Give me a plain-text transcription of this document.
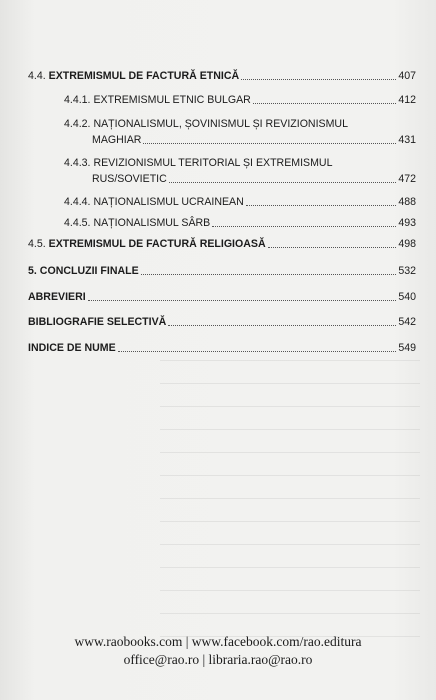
4.4. EXTREMISMUL DE FACTURĂ ETNICĂ	407
4.4.1. EXTREMISMUL ETNIC BULGAR	412
4.4.2. NAȚIONALISMUL, ȘOVINISMUL ȘI REVIZIONISMUL
MAGHIAR	431
4.4.3. REVIZIONISMUL TERITORIAL ȘI EXTREMISMUL
RUS/SOVIETIC	472
4.4.4. NAȚIONALISMUL UCRAINEAN	488
4.4.5. NAȚIONALISMUL SÂRB	493
4.5. EXTREMISMUL DE FACTURĂ RELIGIOASĂ	498
5. CONCLUZII FINALE	532
ABREVIERI	540
BIBLIOGRAFIE SELECTIVĂ	542
INDICE DE NUME	549
www.raobooks.com | www.facebook.com/rao.editura
office@rao.ro | libraria.rao@rao.ro
